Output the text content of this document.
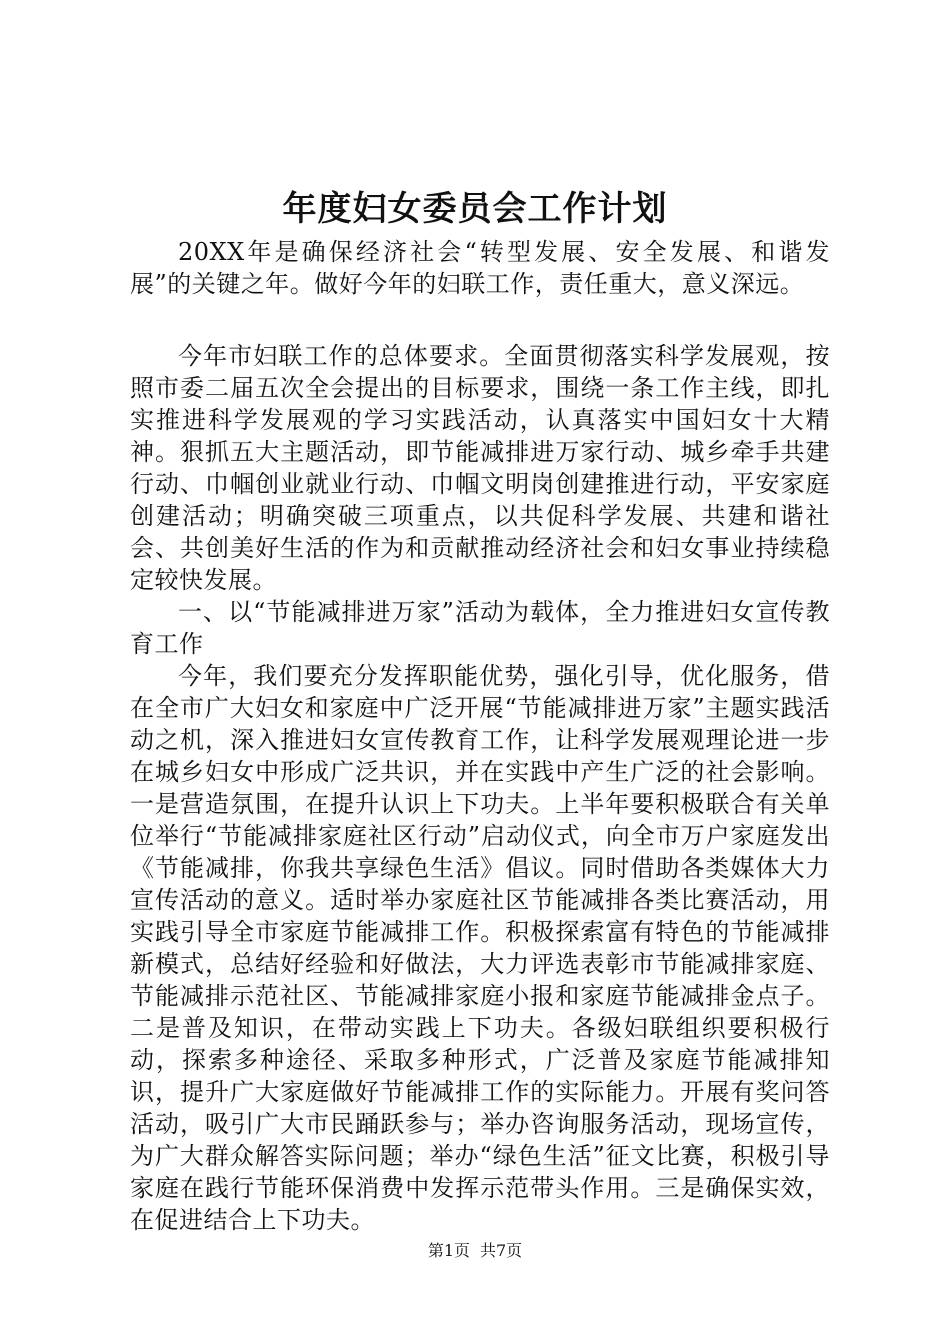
年度妇女委员会工作计划

20XX年是确保经济社会“转型发展、安全发展、和谐发展”的关键之年。做好今年的妇联工作，责任重大，意义深远。

今年市妇联工作的总体要求。全面贯彻落实科学发展观，按照市委二届五次全会提出的目标要求，围绕一条工作主线，即扎实推进科学发展观的学习实践活动，认真落实中国妇女十大精神。狠抓五大主题活动，即节能减排进万家行动、城乡牵手共建行动、巾帼创业就业行动、巾帼文明岗创建推进行动，平安家庭创建活动；明确突破三项重点，以共促科学发展、共建和谐社会、共创美好生活的作为和贡献推动经济社会和妇女事业持续稳定较快发展。

一、以“节能减排进万家”活动为载体，全力推进妇女宣传教育工作

今年，我们要充分发挥职能优势，强化引导，优化服务，借在全市广大妇女和家庭中广泛开展“节能减排进万家”主题实践活动之机，深入推进妇女宣传教育工作，让科学发展观理论进一步在城乡妇女中形成广泛共识，并在实践中产生广泛的社会影响。一是营造氛围，在提升认识上下功夫。上半年要积极联合有关单位举行“节能减排家庭社区行动”启动仪式，向全市万户家庭发出《节能减排，你我共享绿色生活》倡议。同时借助各类媒体大力宣传活动的意义。适时举办家庭社区节能减排各类比赛活动，用实践引导全市家庭节能减排工作。积极探索富有特色的节能减排新模式，总结好经验和好做法，大力评选表彰市节能减排家庭、节能减排示范社区、节能减排家庭小报和家庭节能减排金点子。二是普及知识，在带动实践上下功夫。各级妇联组织要积极行动，探索多种途径、采取多种形式，广泛普及家庭节能减排知识，提升广大家庭做好节能减排工作的实际能力。开展有奖问答活动，吸引广大市民踊跃参与；举办咨询服务活动，现场宣传，为广大群众解答实际问题；举办“绿色生活”征文比赛，积极引导家庭在践行节能环保消费中发挥示范带头作用。三是确保实效，在促进结合上下功夫。

第1页 共7页
